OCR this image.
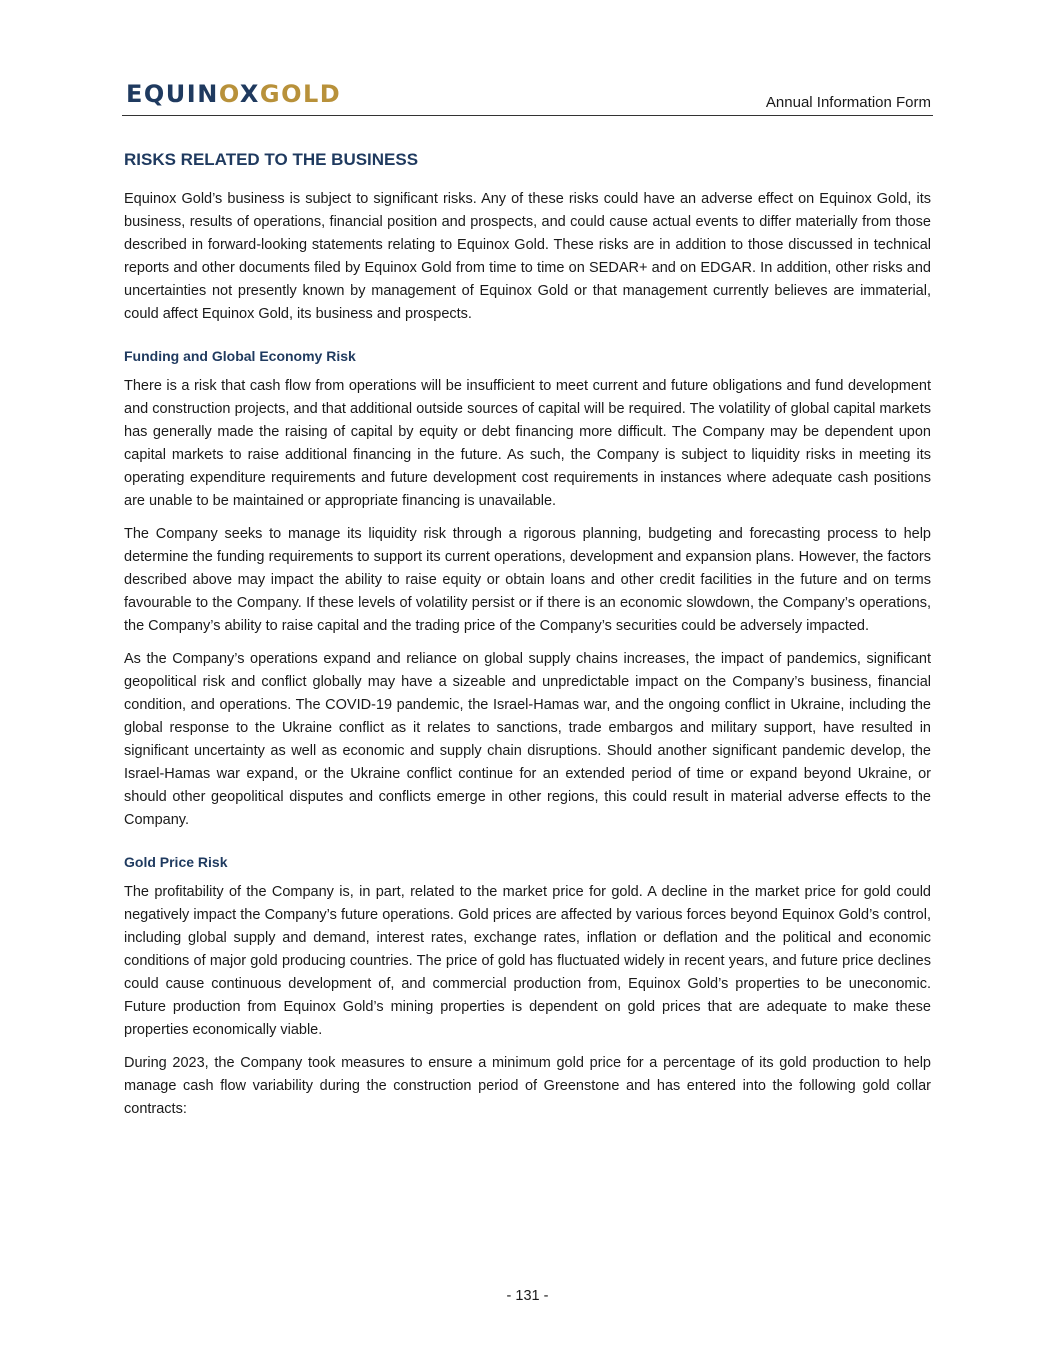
EQUINOXGOLD	Annual Information Form
RISKS RELATED TO THE BUSINESS

Equinox Gold’s business is subject to significant risks. Any of these risks could have an adverse effect on Equinox Gold, its business, results of operations, financial position and prospects, and could cause actual events to differ materially from those described in forward-looking statements relating to Equinox Gold. These risks are in addition to those discussed in technical reports and other documents filed by Equinox Gold from time to time on SEDAR+ and on EDGAR. In addition, other risks and uncertainties not presently known by management of Equinox Gold or that management currently believes are immaterial, could affect Equinox Gold, its business and prospects.

Funding and Global Economy Risk

There is a risk that cash flow from operations will be insufficient to meet current and future obligations and fund development and construction projects, and that additional outside sources of capital will be required. The volatility of global capital markets has generally made the raising of capital by equity or debt financing more difficult. The Company may be dependent upon capital markets to raise additional financing in the future. As such, the Company is subject to liquidity risks in meeting its operating expenditure requirements and future development cost requirements in instances where adequate cash positions are unable to be maintained or appropriate financing is unavailable.

The Company seeks to manage its liquidity risk through a rigorous planning, budgeting and forecasting process to help determine the funding requirements to support its current operations, development and expansion plans. However, the factors described above may impact the ability to raise equity or obtain loans and other credit facilities in the future and on terms favourable to the Company. If these levels of volatility persist or if there is an economic slowdown, the Company’s operations, the Company’s ability to raise capital and the trading price of the Company’s securities could be adversely impacted.

As the Company’s operations expand and reliance on global supply chains increases, the impact of pandemics, significant geopolitical risk and conflict globally may have a sizeable and unpredictable impact on the Company’s business, financial condition, and operations. The COVID-19 pandemic, the Israel-Hamas war, and the ongoing conflict in Ukraine, including the global response to the Ukraine conflict as it relates to sanctions, trade embargos and military support, have resulted in significant uncertainty as well as economic and supply chain disruptions. Should another significant pandemic develop, the Israel-Hamas war expand, or the Ukraine conflict continue for an extended period of time or expand beyond Ukraine, or should other geopolitical disputes and conflicts emerge in other regions, this could result in material adverse effects to the Company.

Gold Price Risk

The profitability of the Company is, in part, related to the market price for gold. A decline in the market price for gold could negatively impact the Company’s future operations. Gold prices are affected by various forces beyond Equinox Gold’s control, including global supply and demand, interest rates, exchange rates, inflation or deflation and the political and economic conditions of major gold producing countries. The price of gold has fluctuated widely in recent years, and future price declines could cause continuous development of, and commercial production from, Equinox Gold’s properties to be uneconomic. Future production from Equinox Gold’s mining properties is dependent on gold prices that are adequate to make these properties economically viable.

During 2023, the Company took measures to ensure a minimum gold price for a percentage of its gold production to help manage cash flow variability during the construction period of Greenstone and has entered into the following gold collar contracts:

- 131 -
